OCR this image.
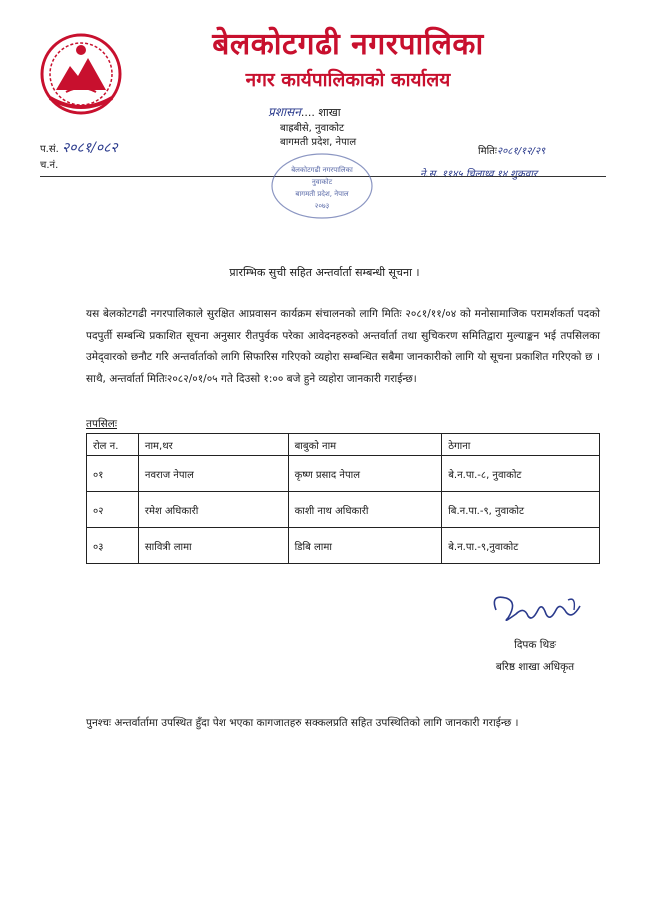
बेलकोटगढी नगरपालिका
नगर कार्यपालिकाको कार्यालय
प्रशासन.... शाखा
बाह्रबीसे, नुवाकोट
बागमती प्रदेश, नेपाल
प.सं. २०८१/०८२
च.नं.
मितिः२०८१/१२/२९
ने.स. ११४५ चिलाथ्व १४ शुक्रवार
बेलकोटगढी नगरपालिका
नुवाकोट
बागमती प्रदेश, नेपाल
२०७३
प्रारम्भिक सुची सहित अन्तर्वार्ता सम्बन्धी सूचना ।
यस बेलकोटगढी नगरपालिकाले सुरक्षित आप्रवासन कार्यक्रम संचालनको लागि मितिः २०८१/११/०४ को मनोसामाजिक परामर्शकर्ता पदको पदपुर्ती सम्बन्धि प्रकाशित सूचना अनुसार रीतपुर्वक परेका आवेदनहरुको अन्तर्वार्ता तथा सुचिकरण समितिद्वारा मुल्याङ्कन भई तपसिलका उमेद्‍वारको छनौट गरि अन्तर्वार्ताको लागि सिफारिस गरिएको व्यहोरा सम्बन्धित सबैमा जानकारीको लागि यो सूचना प्रकाशित गरिएको छ ।साथै, अन्तर्वार्ता मितिः२०८२/०१/०५ गते दिउसो १:०० बजे हुने व्यहोरा जानकारी गराईन्छ।
तपसिलः
रोल न.	नाम,थर	बाबुको नाम	ठेगाना
०१	नवराज नेपाल	कृष्ण प्रसाद नेपाल	बे.न.पा.-८, नुवाकोट
०२	रमेश अधिकारी	काशी नाथ अधिकारी	बि.न.पा.-९, नुवाकोट
०३	सावित्री लामा	डिबि लामा	बे.न.पा.-९,नुवाकोट
दिपक थिङ
बरिष्ठ शाखा अधिकृत
पुनश्चः अन्तर्वार्तामा उपस्थित हुँदा पेश भएका कागजातहरु सक्कलप्रति सहित उपस्थितिको लागि जानकारी गराईन्छ ।
